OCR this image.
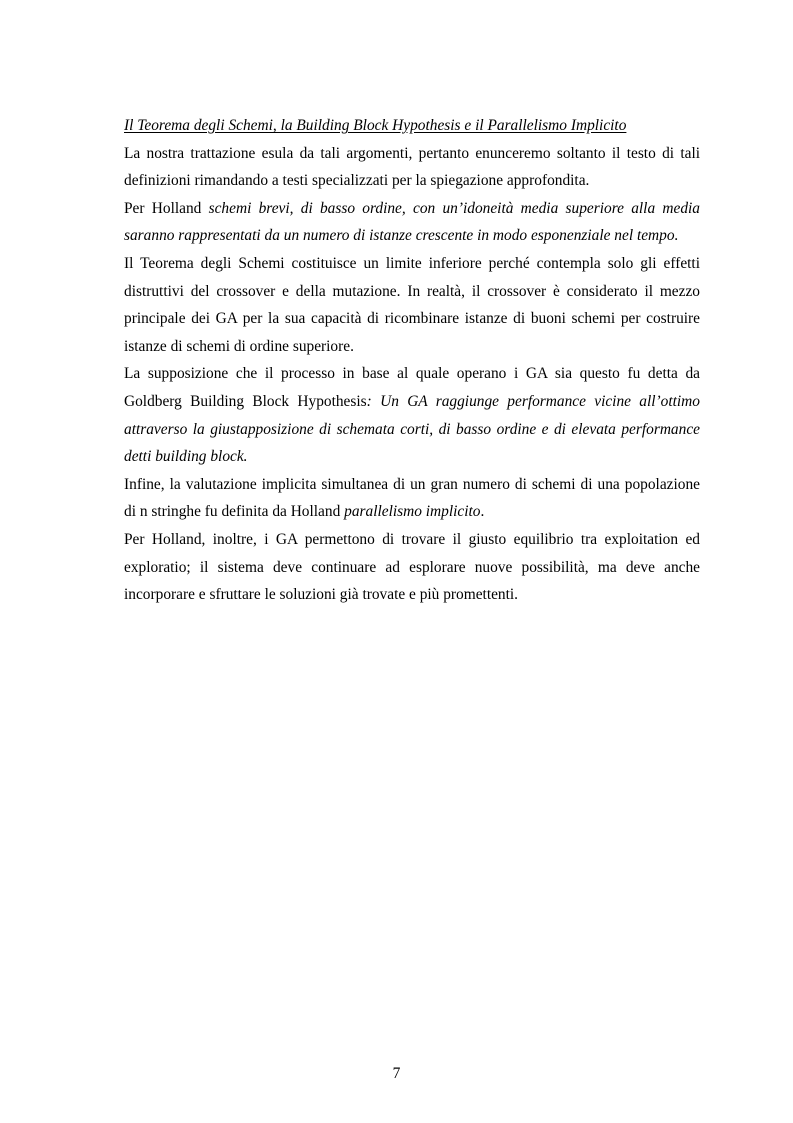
Il Teorema degli Schemi, la Building Block Hypothesis e il Parallelismo Implicito

La nostra trattazione esula da tali argomenti, pertanto enunceremo soltanto il testo di tali definizioni rimandando a testi specializzati per la spiegazione approfondita.

Per Holland schemi brevi, di basso ordine, con un’idoneità media superiore alla media saranno rappresentati da un numero di istanze crescente in modo esponenziale nel tempo.

Il Teorema degli Schemi costituisce un limite inferiore perché contempla solo gli effetti distruttivi del crossover e della mutazione. In realtà, il crossover è considerato il mezzo principale dei GA per la sua capacità di ricombinare istanze di buoni schemi per costruire istanze di schemi di ordine superiore.

La supposizione che il processo in base al quale operano i GA sia questo fu detta da Goldberg Building Block Hypothesis: Un GA raggiunge performance vicine all’ottimo attraverso la giustapposizione di schemata corti, di basso ordine e di elevata performance detti building block.

Infine, la valutazione implicita simultanea di un gran numero di schemi di una popolazione di n stringhe fu definita da Holland parallelismo implicito.

Per Holland, inoltre, i GA permettono di trovare il giusto equilibrio tra exploitation ed exploratio; il sistema deve continuare ad esplorare nuove possibilità, ma deve anche incorporare e sfruttare le soluzioni già trovate e più promettenti.

7
